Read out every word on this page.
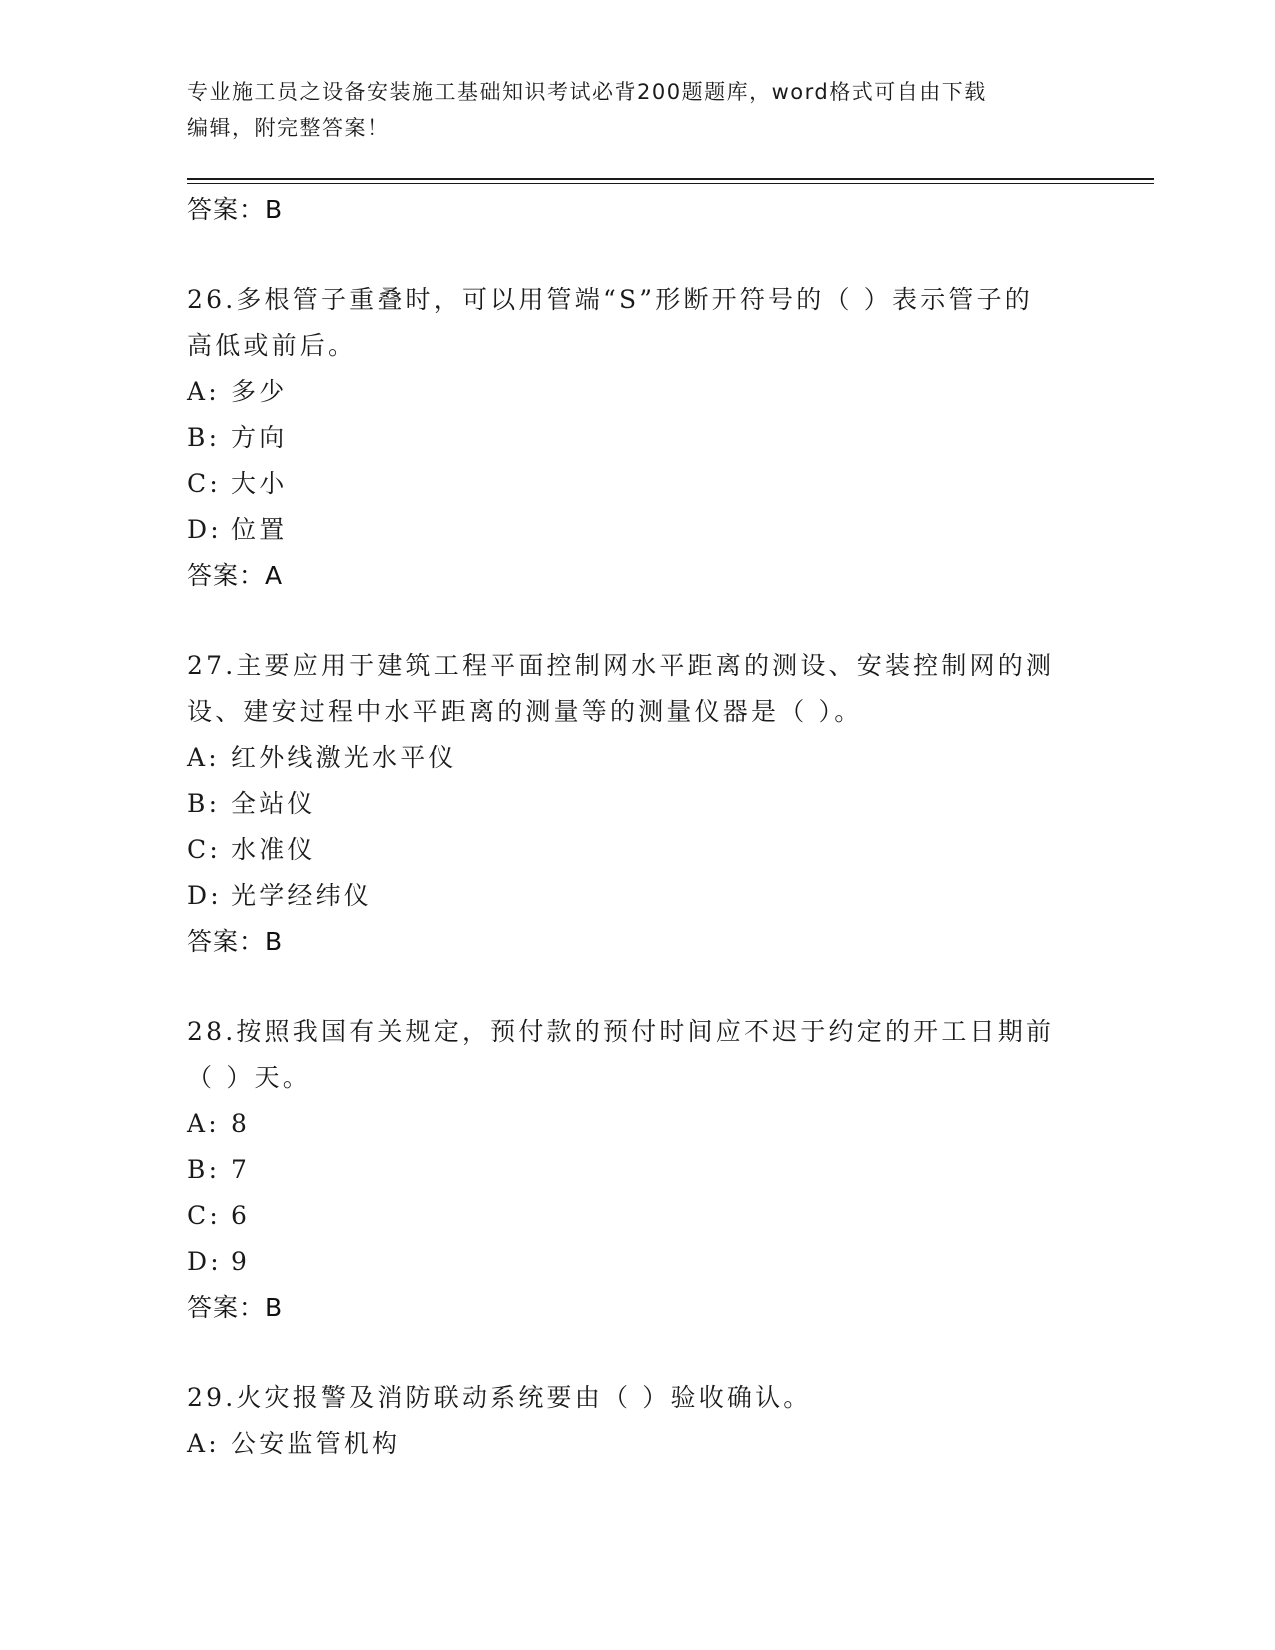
专业施工员之设备安装施工基础知识考试必背200题题库，word格式可自由下载
编辑，附完整答案！
答案：B
26.多根管子重叠时，可以用管端“S”形断开符号的（ ）表示管子的
高低或前后。
A: 多少
B: 方向
C: 大小
D: 位置
答案：A
27.主要应用于建筑工程平面控制网水平距离的测设、安装控制网的测
设、建安过程中水平距离的测量等的测量仪器是（ ）。
A: 红外线激光水平仪
B: 全站仪
C: 水准仪
D: 光学经纬仪
答案：B
28.按照我国有关规定，预付款的预付时间应不迟于约定的开工日期前
（ ）天。
A: 8
B: 7
C: 6
D: 9
答案：B
29.火灾报警及消防联动系统要由（ ）验收确认。
A: 公安监管机构
